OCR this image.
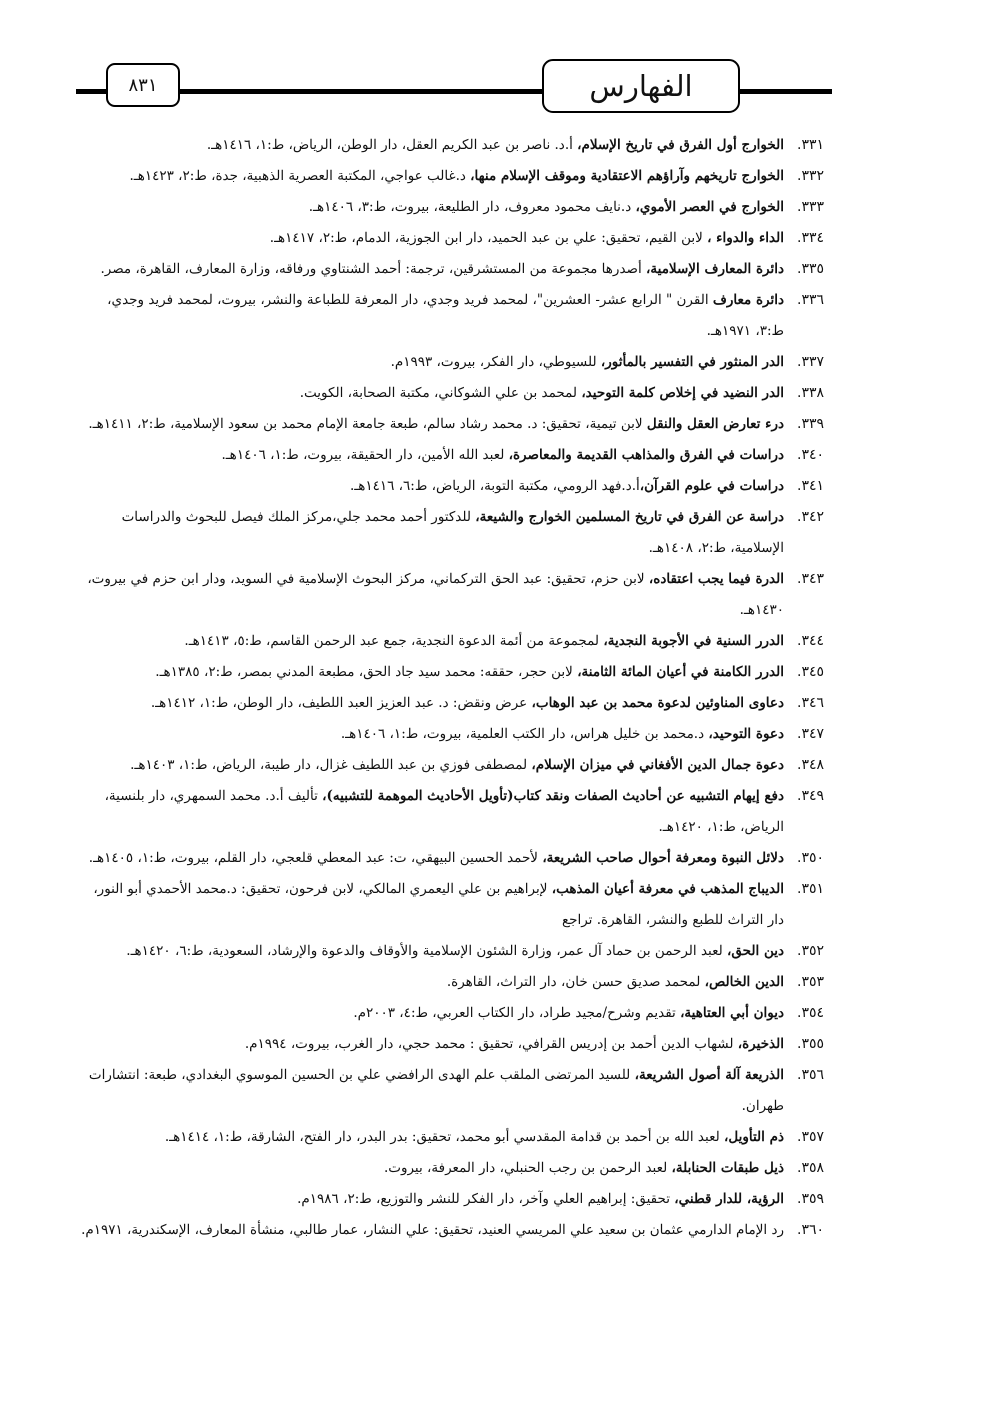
٨٣١	الفهارس
٣٣١.
الخوارج أول الفرق في تاريخ الإسلام، أ.د. ناصر بن عبد الكريم العقل، دار الوطن، الرياض، ط:١، ١٤١٦هـ.
٣٣٢.
الخوارج تاريخهم وآراؤهم الاعتقادية وموقف الإسلام منها، د.غالب عواجي، المكتبة العصرية الذهبية، جدة، ط:٢، ١٤٢٣هـ.
٣٣٣.
الخوارج في العصر الأموي، د.نايف محمود معروف، دار الطليعة، بيروت، ط:٣، ١٤٠٦هـ.
٣٣٤.
الداء والدواء ، لابن القيم، تحقيق: علي بن عبد الحميد، دار ابن الجوزية، الدمام، ط:٢، ١٤١٧هـ.
٣٣٥.
دائرة المعارف الإسلامية، أصدرها مجموعة من المستشرقين، ترجمة: أحمد الشنتاوي ورفاقه، وزارة المعارف، القاهرة، مصر.
٣٣٦.
دائرة معارف القرن " الرابع عشر- العشرين"، لمحمد فريد وجدي، دار المعرفة للطباعة والنشر، بيروت، لمحمد فريد وجدي، ط:٣، ١٩٧١هـ.
٣٣٧.
الدر المنثور في التفسير بالمأثور، للسيوطي، دار الفكر، بيروت، ١٩٩٣م.
٣٣٨.
الدر النضيد في إخلاص كلمة التوحيد، لمحمد بن علي الشوكاني، مكتبة الصحابة، الكويت.
٣٣٩.
درء تعارض العقل والنقل لابن تيمية، تحقيق: د. محمد رشاد سالم، طبعة جامعة الإمام محمد بن سعود الإسلامية، ط:٢، ١٤١١هـ.
٣٤٠.
دراسات في الفرق والمذاهب القديمة والمعاصرة، لعبد الله الأمين، دار الحقيقة، بيروت، ط:١، ١٤٠٦هـ.
٣٤١.
دراسات في علوم القرآن،أ.د.فهد الرومي، مكتبة التوبة، الرياض، ط:٦، ١٤١٦هـ.
٣٤٢.
دراسة عن الفرق في تاريخ المسلمين الخوارج والشيعة، للدكتور أحمد محمد جلي،مركز الملك فيصل للبحوث والدراسات الإسلامية، ط:٢، ١٤٠٨هـ.
٣٤٣.
الدرة فيما يجب اعتقاده، لابن حزم، تحقيق: عبد الحق التركماني، مركز البحوث الإسلامية في السويد، ودار ابن حزم في بيروت، ١٤٣٠هـ.
٣٤٤.
الدرر السنية في الأجوبة النجدية، لمجموعة من أئمة الدعوة النجدية، جمع عبد الرحمن القاسم، ط:٥، ١٤١٣هـ.
٣٤٥.
الدرر الكامنة في أعيان المائة الثامنة، لابن حجر، حققه: محمد سيد جاد الحق، مطبعة المدني بمصر، ط:٢، ١٣٨٥هـ.
٣٤٦.
دعاوى المناوئين لدعوة محمد بن عبد الوهاب، عرض ونقض: د. عبد العزيز العبد اللطيف، دار الوطن، ط:١، ١٤١٢هـ.
٣٤٧.
دعوة التوحيد، د.محمد بن خليل هراس، دار الكتب العلمية، بيروت، ط:١، ١٤٠٦هـ.
٣٤٨.
دعوة جمال الدين الأفغاني في ميزان الإسلام، لمصطفى فوزي بن عبد اللطيف غزال، دار طيبة، الرياض، ط:١، ١٤٠٣هـ.
٣٤٩.
دفع إيهام التشبيه عن أحاديث الصفات ونقد كتاب(تأويل الأحاديث الموهمة للتشبيه)، تأليف أ.د. محمد السمهري، دار بلنسية، الرياض، ط:١، ١٤٢٠هـ.
٣٥٠.
دلائل النبوة ومعرفة أحوال صاحب الشريعة، لأحمد الحسين البيهقي، ت: عبد المعطي قلعجي، دار القلم، بيروت، ط:١، ١٤٠٥هـ.
٣٥١.
الديباج المذهب في معرفة أعيان المذهب، لإبراهيم بن علي اليعمري المالكي، لابن فرحون، تحقيق: د.محمد الأحمدي أبو النور، دار التراث للطبع والنشر، القاهرة. تراجع
٣٥٢.
دين الحق، لعبد الرحمن بن حماد آل عمر، وزارة الشئون الإسلامية والأوقاف والدعوة والإرشاد، السعودية، ط:٦، ١٤٢٠هـ.
٣٥٣.
الدين الخالص، لمحمد صديق حسن خان، دار التراث، القاهرة.
٣٥٤.
ديوان أبي العتاهية، تقديم وشرح/مجيد طراد، دار الكتاب العربي، ط:٤، ٢٠٠٣م.
٣٥٥.
الذخيرة، لشهاب الدين أحمد بن إدريس القرافي، تحقيق : محمد حجي، دار الغرب، بيروت، ١٩٩٤م.
٣٥٦.
الذريعة آلة أصول الشريعة، للسيد المرتضى الملقب علم الهدى الرافضي علي بن الحسين الموسوي البغدادي، طبعة: انتشارات طهران.
٣٥٧.
ذم التأويل، لعبد الله بن أحمد بن قدامة المقدسي أبو محمد، تحقيق: بدر البدر، دار الفتح، الشارقة، ط:١، ١٤١٤هـ.
٣٥٨.
ذيل طبقات الحنابلة، لعبد الرحمن بن رجب الحنبلي، دار المعرفة، بيروت.
٣٥٩.
الرؤية، للدار قطني، تحقيق: إبراهيم العلي وآخر، دار الفكر للنشر والتوزيع، ط:٢، ١٩٨٦م.
٣٦٠.
رد الإمام الدارمي عثمان بن سعيد علي المريسي العنيد، تحقيق: علي النشار، عمار طالبي، منشأة المعارف، الإسكندرية، ١٩٧١م.
